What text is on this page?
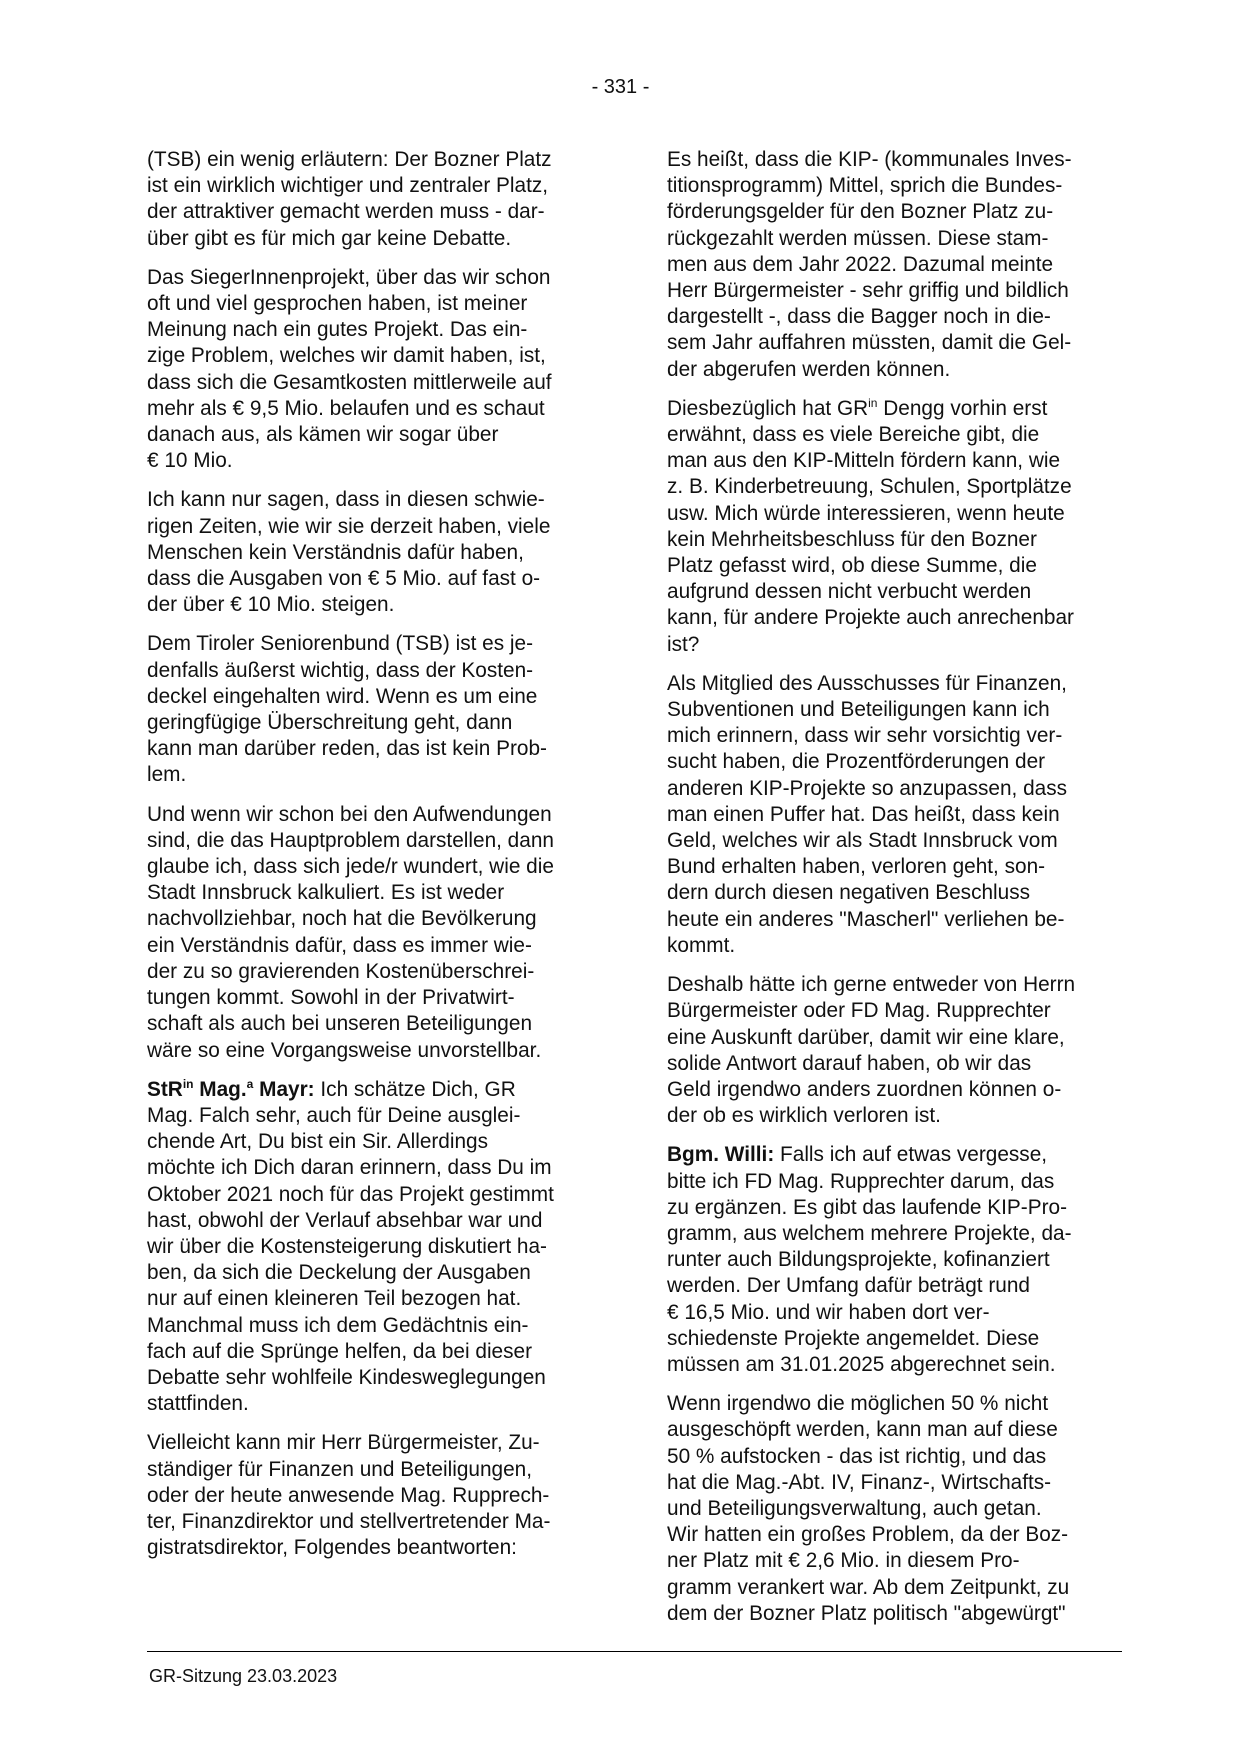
- 331 -
(TSB) ein wenig erläutern: Der Bozner Platz
ist ein wirklich wichtiger und zentraler Platz,
der attraktiver gemacht werden muss - dar-
über gibt es für mich gar keine Debatte.
Das SiegerInnenprojekt, über das wir schon
oft und viel gesprochen haben, ist meiner
Meinung nach ein gutes Projekt. Das ein-
zige Problem, welches wir damit haben, ist,
dass sich die Gesamtkosten mittlerweile auf
mehr als € 9,5 Mio. belaufen und es schaut
danach aus, als kämen wir sogar über
€ 10 Mio.
Ich kann nur sagen, dass in diesen schwie-
rigen Zeiten, wie wir sie derzeit haben, viele
Menschen kein Verständnis dafür haben,
dass die Ausgaben von € 5 Mio. auf fast o-
der über € 10 Mio. steigen.
Dem Tiroler Seniorenbund (TSB) ist es je-
denfalls äußerst wichtig, dass der Kosten-
deckel eingehalten wird. Wenn es um eine
geringfügige Überschreitung geht, dann
kann man darüber reden, das ist kein Prob-
lem.
Und wenn wir schon bei den Aufwendungen
sind, die das Hauptproblem darstellen, dann
glaube ich, dass sich jede/r wundert, wie die
Stadt Innsbruck kalkuliert. Es ist weder
nachvollziehbar, noch hat die Bevölkerung
ein Verständnis dafür, dass es immer wie-
der zu so gravierenden Kostenüberschrei-
tungen kommt. Sowohl in der Privatwirt-
schaft als auch bei unseren Beteiligungen
wäre so eine Vorgangsweise unvorstellbar.
StR$^{in}$ Mag.$^a$ Mayr: Ich schätze Dich, GR
Mag. Falch sehr, auch für Deine ausglei-
chende Art, Du bist ein Sir. Allerdings
möchte ich Dich daran erinnern, dass Du im
Oktober 2021 noch für das Projekt gestimmt
hast, obwohl der Verlauf absehbar war und
wir über die Kostensteigerung diskutiert ha-
ben, da sich die Deckelung der Ausgaben
nur auf einen kleineren Teil bezogen hat.
Manchmal muss ich dem Gedächtnis ein-
fach auf die Sprünge helfen, da bei dieser
Debatte sehr wohlfeile Kindesweglegungen
stattfinden.
Vielleicht kann mir Herr Bürgermeister, Zu-
ständiger für Finanzen und Beteiligungen,
oder der heute anwesende Mag. Rupprech-
ter, Finanzdirektor und stellvertretender Ma-
gistratsdirektor, Folgendes beantworten:
Es heißt, dass die KIP- (kommunales Inves-
titionsprogramm) Mittel, sprich die Bundes-
förderungsgelder für den Bozner Platz zu-
rückgezahlt werden müssen. Diese stam-
men aus dem Jahr 2022. Dazumal meinte
Herr Bürgermeister - sehr griffig und bildlich
dargestellt -, dass die Bagger noch in die-
sem Jahr auffahren müssten, damit die Gel-
der abgerufen werden können.
Diesbezüglich hat $GR^{in}$ Dengg vorhin erst
erwähnt, dass es viele Bereiche gibt, die
man aus den KIP-Mitteln fördern kann, wie
z. B. Kinderbetreuung, Schulen, Sportplätze
usw. Mich würde interessieren, wenn heute
kein Mehrheitsbeschluss für den Bozner
Platz gefasst wird, ob diese Summe, die
aufgrund dessen nicht verbucht werden
kann, für andere Projekte auch anrechenbar
ist?
Als Mitglied des Ausschusses für Finanzen,
Subventionen und Beteiligungen kann ich
mich erinnern, dass wir sehr vorsichtig ver-
sucht haben, die Prozentförderungen der
anderen KIP-Projekte so anzupassen, dass
man einen Puffer hat. Das heißt, dass kein
Geld, welches wir als Stadt Innsbruck vom
Bund erhalten haben, verloren geht, son-
dern durch diesen negativen Beschluss
heute ein anderes "Mascherl" verliehen be-
kommt.
Deshalb hätte ich gerne entweder von Herrn
Bürgermeister oder FD Mag. Rupprechter
eine Auskunft darüber, damit wir eine klare,
solide Antwort darauf haben, ob wir das
Geld irgendwo anders zuordnen können o-
der ob es wirklich verloren ist.
Bgm. Willi: Falls ich auf etwas vergesse,
bitte ich FD Mag. Rupprechter darum, das
zu ergänzen. Es gibt das laufende KIP-Pro-
gramm, aus welchem mehrere Projekte, da-
runter auch Bildungsprojekte, kofinanziert
werden. Der Umfang dafür beträgt rund
€ 16,5 Mio. und wir haben dort ver-
schiedenste Projekte angemeldet. Diese
müssen am 31.01.2025 abgerechnet sein.
Wenn irgendwo die möglichen 50 % nicht
ausgeschöpft werden, kann man auf diese
50 % aufstocken - das ist richtig, und das
hat die Mag.-Abt. IV, Finanz-, Wirtschafts-
und Beteiligungsverwaltung, auch getan.
Wir hatten ein großes Problem, da der Boz-
ner Platz mit € 2,6 Mio. in diesem Pro-
gramm verankert war. Ab dem Zeitpunkt, zu
dem der Bozner Platz politisch "abgewürgt"
GR-Sitzung 23.03.2023
